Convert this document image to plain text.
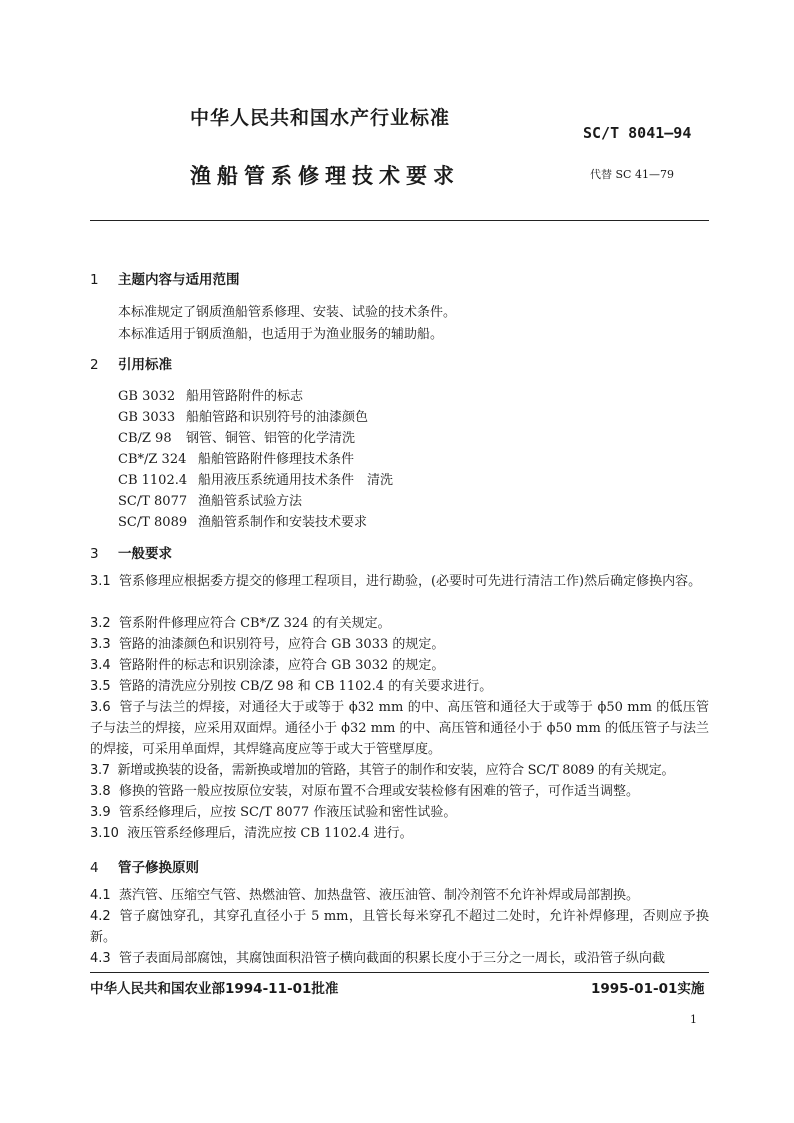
中华人民共和国水产行业标准
SC/T 8041—94
渔船管系修理技术要求	代替 SC 41—79
1 主题内容与适用范围
本标准规定了钢质渔船管系修理、安装、试验的技术条件。
本标准适用于钢质渔船，也适用于为渔业服务的辅助船。
2 引用标准
GB 3032 船用管路附件的标志
GB 3033 船舶管路和识别符号的油漆颜色
CB/Z 98 钢管、铜管、铝管的化学清洗
CB*/Z 324 船舶管路附件修理技术条件
CB 1102.4 船用液压系统通用技术条件　清洗
SC/T 8077 渔船管系试验方法
SC/T 8089 渔船管系制作和安装技术要求
3 一般要求
3.1 管系修理应根据委方提交的修理工程项目，进行勘验，(必要时可先进行清洁工作)然后确定修换内容。
3.2 管系附件修理应符合 CB*/Z 324 的有关规定。
3.3 管路的油漆颜色和识别符号，应符合 GB 3033 的规定。
3.4 管路附件的标志和识别涂漆，应符合 GB 3032 的规定。
3.5 管路的清洗应分别按 CB/Z 98 和 CB 1102.4 的有关要求进行。
3.6 管子与法兰的焊接，对通径大于或等于 ϕ32 mm 的中、高压管和通径大于或等于 ϕ50 mm 的低压管子与法兰的焊接，应采用双面焊。通径小于 ϕ32 mm 的中、高压管和通径小于 ϕ50 mm 的低压管子与法兰的焊接，可采用单面焊，其焊缝高度应等于或大于管壁厚度。
3.7 新增或换装的设备，需新换或增加的管路，其管子的制作和安装，应符合 SC/T 8089 的有关规定。
3.8 修换的管路一般应按原位安装，对原布置不合理或安装检修有困难的管子，可作适当调整。
3.9 管系经修理后，应按 SC/T 8077 作液压试验和密性试验。
3.10 液压管系经修理后，清洗应按 CB 1102.4 进行。
4 管子修换原则
4.1 蒸汽管、压缩空气管、热燃油管、加热盘管、液压油管、制冷剂管不允许补焊或局部割换。
4.2 管子腐蚀穿孔，其穿孔直径小于 5 mm，且管长每米穿孔不超过二处时，允许补焊修理，否则应予换新。
4.3 管子表面局部腐蚀，其腐蚀面积沿管子横向截面的积累长度小于三分之一周长，或沿管子纵向截
中华人民共和国农业部1994-11-01批准	1995-01-01实施
1
